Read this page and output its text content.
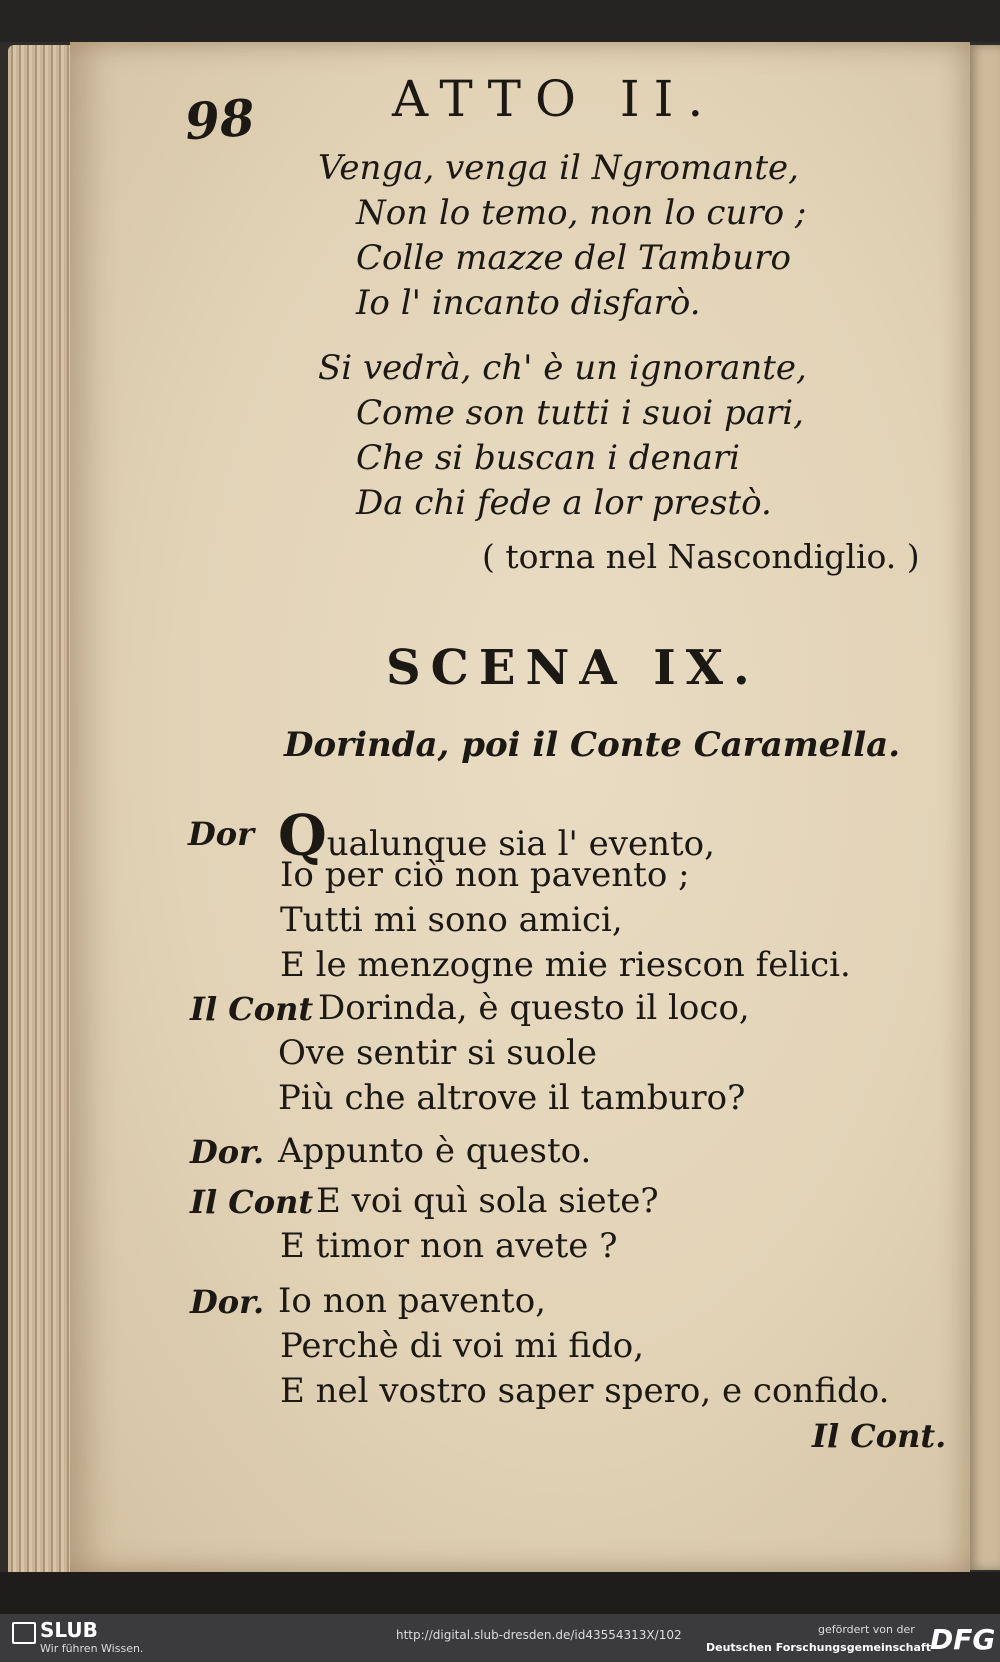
98	ATTO II.
Venga, venga il Ngromante,
Non lo temo, non lo curo ;
Colle mazze del Tamburo
Io l' incanto disfarò.
Si vedrà, ch' è un ignorante,
Come son tutti i suoi pari,
Che si buscan i denari
Da chi fede a lor prestò.
( torna nel Nascondiglio. )
SCENA IX.
Dorinda, poi il Conte Caramella.
Dor Qualunque sia l' evento,
Io per ciò non pavento ;
Tutti mi sono amici,
E le menzogne mie riescon felici.
Il Cont Dorinda, è questo il loco,
Ove sentir si suole
Più che altrove il tamburo?
Dor. Appunto è questo.
Il Cont E voi quì sola siete?
E timor non avete ?
Dor. Io non pavento,
Perchè di voi mi fido,
E nel vostro saper spero, e confido.
Il Cont.
SLUB
Wir führen Wissen.
http://digital.slub-dresden.de/id43554313X/102	gefördert von der
Deutschen Forschungsgemeinschaft DFG
